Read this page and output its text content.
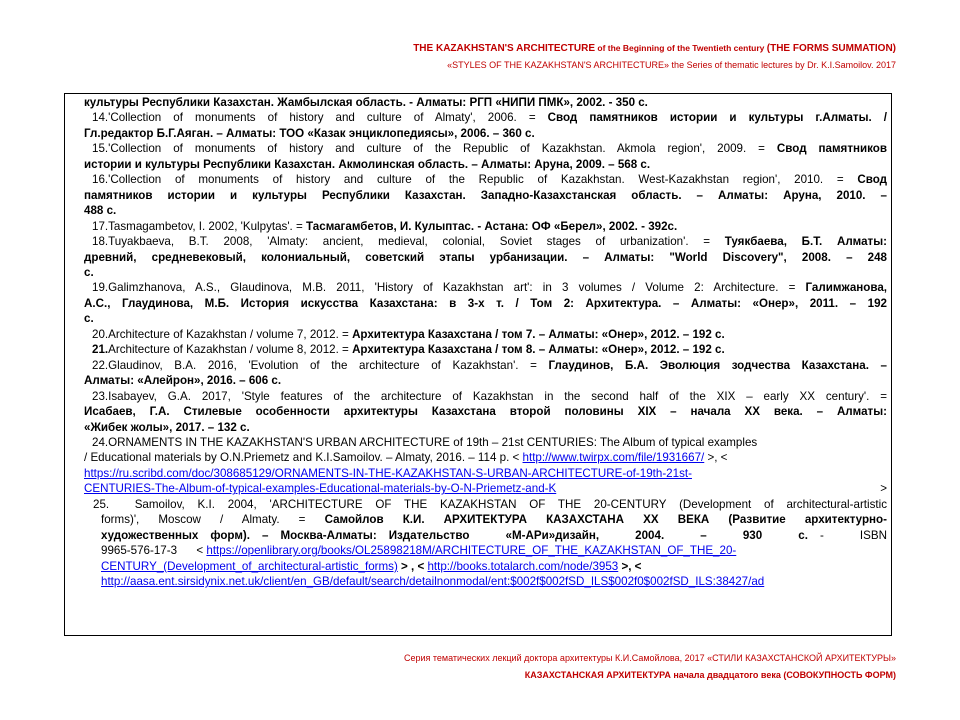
THE KAZAKHSTAN'S ARCHITECTURE of the Beginning of the Twentieth century (THE FORMS SUMMATION)
«STYLES OF THE KAZAKHSTAN'S ARCHITECTURE» the Series of thematic lectures by Dr. K.I.Samoilov. 2017
культуры Республики Казахстан. Жамбылская область. - Алматы: РГП «НИПИ ПМК», 2002. - 350 с.
14.'Collection of monuments of history and culture of Almaty', 2006. = Свод памятников истории и культуры г.Алматы. /
Гл.редактор Б.Г.Аяган. – Алматы: ТОО «Казак энциклопедиясы», 2006. – 360 с.
15.'Collection of monuments of history and culture of the Republic of Kazakhstan. Akmola region', 2009. = Свод памятников
истории и культуры Республики Казахстан. Акмолинская область. – Алматы: Аруна, 2009. – 568 с.
16.'Collection of monuments of history and culture of the Republic of Kazakhstan. West-Kazakhstan region', 2010. = Свод
памятников истории и культуры Республики Казахстан. Западно-Казахстанская область. – Алматы: Аруна, 2010. –
488 с.
17.Tasmagambetov, I. 2002, 'Kulpytas'. = Тасмагамбетов, И. Кулыптас. - Астана: ОФ «Берел», 2002. - 392с.
18.Tuyakbaeva, B.T. 2008, 'Almaty: ancient, medieval, colonial, Soviet stages of urbanization'. = Туякбаева, Б.Т. Алматы:
древний, средневековый, колониальный, советский этапы урбанизации. – Алматы: "World Discovery", 2008. – 248
с.
19.Galimzhanova, A.S., Glaudinova, M.B. 2011, 'History of Kazakhstan art': in 3 volumes / Volume 2: Architecture. = Галимжанова,
А.С., Глаудинова, М.Б. История искусства Казахстана: в 3-х т. / Том 2: Архитектура. – Алматы: «Онер», 2011. – 192
с.
20.Architecture of Kazakhstan / volume 7, 2012. = Архитектура Казахстана / том 7. – Алматы: «Онер», 2012. – 192 с.
21.Architecture of Kazakhstan / volume 8, 2012. = Архитектура Казахстана / том 8. – Алматы: «Онер», 2012. – 192 с.
22.Glaudinov, B.A. 2016, 'Evolution of the architecture of Kazakhstan'. = Глаудинов, Б.А. Эволюция зодчества Казахстана. –
Алматы: «Алейрон», 2016. – 606 с.
23.Isabayev, G.A. 2017, 'Style features of the architecture of Kazakhstan in the second half of the XIX – early XX century'. =
Исабаев, Г.А. Стилевые особенности архитектуры Казахстана второй половины XIX – начала XX века. – Алматы:
«Жибек жолы», 2017. – 132 с.
24.ORNAMENTS IN THE KAZAKHSTAN'S URBAN ARCHITECTURE of 19th – 21st CENTURIES: The Album of typical examples
/ Educational materials by O.N.Priemetz and K.I.Samoilov. – Almaty, 2016. – 114 p. < http://www.twirpx.com/file/1931667/ >, <
https://ru.scribd.com/doc/308685129/ORNAMENTS-IN-THE-KAZAKHSTAN-S-URBAN-ARCHITECTURE-of-19th-21st-
CENTURIES-The-Album-of-typical-examples-Educational-materials-by-O-N-Priemetz-and-K >
25.  Samoilov, K.I. 2004, 'ARCHITECTURE OF THE KAZAKHSTAN OF THE 20-CENTURY (Development of architectural-artistic
forms)', Moscow / Almaty. = Самойлов К.И. АРХИТЕКТУРА КАЗАХСТАНА XX ВЕКА (Развитие архитектурно-
художественных форм). – Москва-Алматы: Издательство   «М-АРи»дизайн,   2004.   –   930   с. -   ISBN
9965-576-17-3      < https://openlibrary.org/books/OL25898218M/ARCHITECTURE_OF_THE_KAZAKHSTAN_OF_THE_20-
CENTURY_(Development_of_architectural-artistic_forms) > , < http://books.totalarch.com/node/3953 >, <
http://aasa.ent.sirsidynix.net.uk/client/en_GB/default/search/detailnonmodal/ent:$002f$002fSD_ILS$002f0$002fSD_ILS:38427/ad
Серия тематических лекций доктора архитектуры К.И.Самойлова, 2017 «СТИЛИ КАЗАХСТАНСКОЙ АРХИТЕКТУРЫ»
КАЗАХСТАНСКАЯ АРХИТЕКТУРА начала двадцатого века (СОВОКУПНОСТЬ ФОРМ)
